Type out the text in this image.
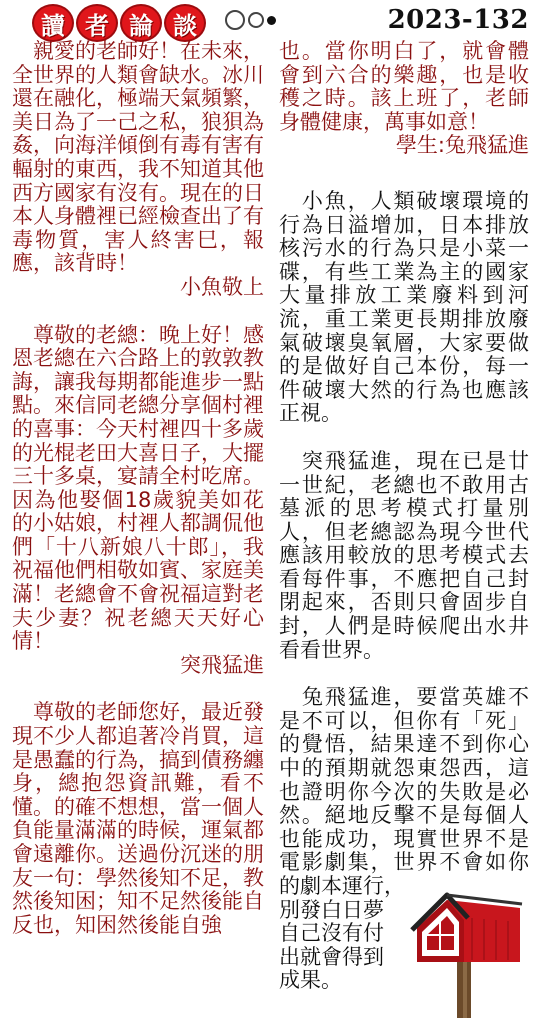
讀 者 論 談	2023-132

　親愛的老師好！在未來，全世界的人類會缺水。冰川還在融化，極端天氣頻繁，美日為了一己之私，狼狽為姦，向海洋傾倒有毒有害有輻射的東西，我不知道其他西方國家有沒有。現在的日本人身體裡已經檢查出了有毒物質，害人終害巳，報應，該背時！

小魚敬上

　尊敬的老總：晚上好！感恩老總在六合路上的敦敦教誨，讓我每期都能進步一點點。來信同老總分享個村裡的喜事：今天村裡四十多歲的光棍老田大喜日子，大擺三十多桌，宴請全村吃席。因為他娶個18歲貌美如花的小姑娘，村裡人都調侃他們「十八新娘八十郎」，我祝福他們相敬如賓、家庭美滿！老總會不會祝福這對老夫少妻？祝老總天天好心情！

突飛猛進

　尊敬的老師您好，最近發現不少人都追著冷肖買，這是愚蠢的行為，搞到債務纏身，總抱怨資訊難，看不懂。的確不想想，當一個人負能量滿滿的時候，運氣都會遠離你。送過份沉迷的朋友一句：學然後知不足，教然後知困；知不足然後能自反也，知困然後能自強

也。當你明白了，就會體會到六合的樂趣，也是收穫之時。該上班了，老師身體健康，萬事如意！

學生:兔飛猛進

　小魚，人類破壞環境的行為日溢增加，日本排放核污水的行為只是小菜一碟，有些工業為主的國家大量排放工業廢料到河流，重工業更長期排放廢氣破壞臭氧層，大家要做的是做好自己本份，每一件破壞大然的行為也應該正視。

　突飛猛進，現在已是廿一世紀，老總也不敢用古墓派的思考模式打量別人，但老總認為現今世代應該用較放的思考模式去看每件事，不應把自己封閉起來，否則只會固步自封，人們是時候爬出水井看看世界。

　兔飛猛進，要當英雄不是不可以，但你有「死」的覺悟，結果達不到你心中的預期就怨東怨西，這也證明你今次的失敗是必然。絕地反擊不是每個人也能成功，現實世界不是電影劇集，世界不會如你的劇本運行，

別發白日夢

自己沒有付

出就會得到

成果。
